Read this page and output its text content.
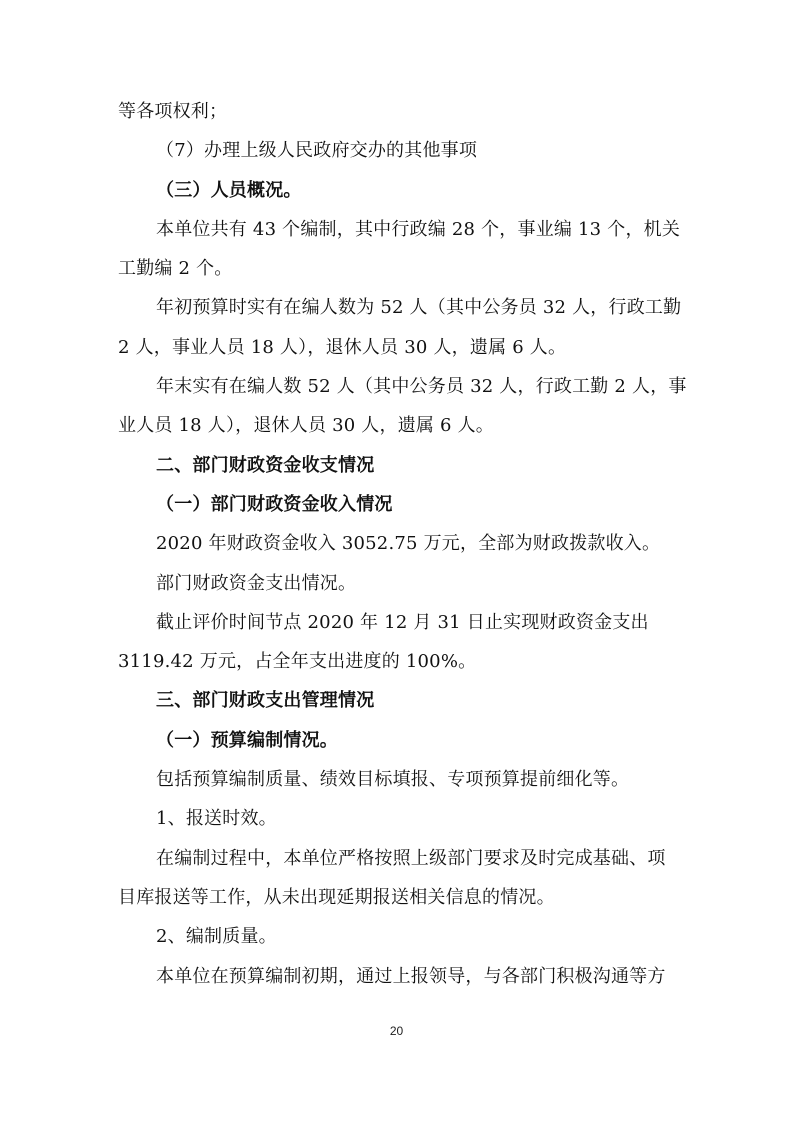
等各项权利；
（7）办理上级人民政府交办的其他事项
（三）人员概况。
本单位共有 43 个编制，其中行政编 28 个，事业编 13 个，机关
工勤编 2 个。
年初预算时实有在编人数为 52 人（其中公务员 32 人，行政工勤
2 人，事业人员 18 人），退休人员 30 人，遗属 6 人。
年末实有在编人数 52 人（其中公务员 32 人，行政工勤 2 人，事
业人员 18 人），退休人员 30 人，遗属 6 人。
二、部门财政资金收支情况
（一）部门财政资金收入情况
2020 年财政资金收入 3052.75 万元，全部为财政拨款收入。
部门财政资金支出情况。
截止评价时间节点 2020 年 12 月 31 日止实现财政资金支出
3119.42 万元，占全年支出进度的 100%。
三、部门财政支出管理情况
（一）预算编制情况。
包括预算编制质量、绩效目标填报、专项预算提前细化等。
1、报送时效。
在编制过程中，本单位严格按照上级部门要求及时完成基础、项
目库报送等工作，从未出现延期报送相关信息的情况。
2、编制质量。
本单位在预算编制初期，通过上报领导，与各部门积极沟通等方
20
